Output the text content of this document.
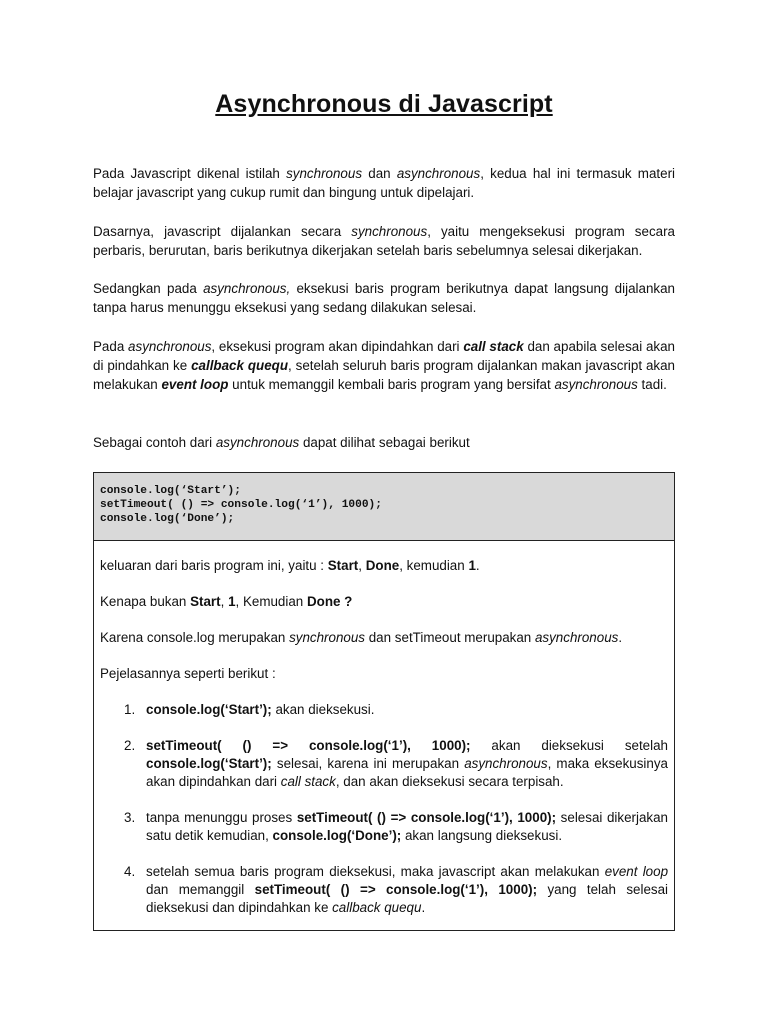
Asynchronous di Javascript

Pada Javascript dikenal istilah synchronous dan asynchronous, kedua hal ini termasuk materi belajar javascript yang cukup rumit dan bingung untuk dipelajari.

Dasarnya, javascript dijalankan secara synchronous, yaitu mengeksekusi program secara perbaris, berurutan, baris berikutnya dikerjakan setelah baris sebelumnya selesai dikerjakan.

Sedangkan pada asynchronous, eksekusi baris program berikutnya dapat langsung dijalankan tanpa harus menunggu eksekusi yang sedang dilakukan selesai.

Pada asynchronous, eksekusi program akan dipindahkan dari call stack dan apabila selesai akan di pindahkan ke callback quequ, setelah seluruh baris program dijalankan makan javascript akan melakukan event loop untuk memanggil kembali baris program yang bersifat asynchronous tadi.

Sebagai contoh dari asynchronous dapat dilihat sebagai berikut

console.log(‘Start’);
setTimeout( () => console.log(‘1’), 1000);
console.log(‘Done’);

keluaran dari baris program ini, yaitu : Start, Done, kemudian 1.

Kenapa bukan Start, 1, Kemudian Done ?

Karena console.log merupakan synchronous dan setTimeout merupakan asynchronous.

Pejelasannya seperti berikut :

1. console.log(‘Start’); akan dieksekusi.
2. setTimeout( () => console.log(‘1’), 1000); akan dieksekusi setelah console.log(‘Start’); selesai, karena ini merupakan asynchronous, maka eksekusinya akan dipindahkan dari call stack, dan akan dieksekusi secara terpisah.
3. tanpa menunggu proses setTimeout( () => console.log(‘1’), 1000); selesai dikerjakan satu detik kemudian, console.log(‘Done’); akan langsung dieksekusi.
4. setelah semua baris program dieksekusi, maka javascript akan melakukan event loop dan memanggil setTimeout( () => console.log(‘1’), 1000); yang telah selesai dieksekusi dan dipindahkan ke callback quequ.
